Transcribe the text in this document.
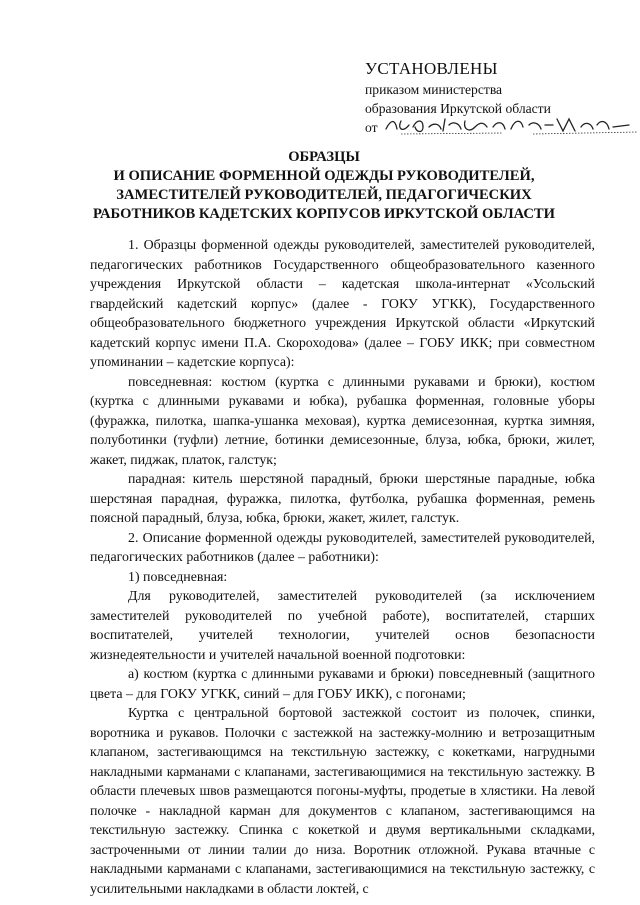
УСТАНОВЛЕНЫ
приказом министерства
образования Иркутской области
от
ОБРАЗЦЫ
И ОПИСАНИЕ ФОРМЕННОЙ ОДЕЖДЫ РУКОВОДИТЕЛЕЙ,
ЗАМЕСТИТЕЛЕЙ РУКОВОДИТЕЛЕЙ, ПЕДАГОГИЧЕСКИХ
РАБОТНИКОВ КАДЕТСКИХ КОРПУСОВ ИРКУТСКОЙ ОБЛАСТИ

1. Образцы форменной одежды руководителей, заместителей руководителей, педагогических работников Государственного общеобразовательного казенного учреждения Иркутской области – кадетская школа-интернат «Усольский гвардейский кадетский корпус» (далее - ГОКУ УГКК), Государственного общеобразовательного бюджетного учреждения Иркутской области «Иркутский кадетский корпус имени П.А. Скороходова» (далее – ГОБУ ИКК; при совместном упоминании – кадетские корпуса):

повседневная: костюм (куртка с длинными рукавами и брюки), костюм (куртка с длинными рукавами и юбка), рубашка форменная, головные уборы (фуражка, пилотка, шапка-ушанка меховая), куртка демисезонная, куртка зимняя, полуботинки (туфли) летние, ботинки демисезонные, блуза, юбка, брюки, жилет, жакет, пиджак, платок, галстук;

парадная: китель шерстяной парадный, брюки шерстяные парадные, юбка шерстяная парадная, фуражка, пилотка, футболка, рубашка форменная, ремень поясной парадный, блуза, юбка, брюки, жакет, жилет, галстук.

2. Описание форменной одежды руководителей, заместителей руководителей, педагогических работников (далее – работники):

1) повседневная:

Для руководителей, заместителей руководителей (за исключением заместителей руководителей по учебной работе), воспитателей, старших воспитателей, учителей технологии, учителей основ безопасности жизнедеятельности и учителей начальной военной подготовки:

а) костюм (куртка с длинными рукавами и брюки) повседневный (защитного цвета – для ГОКУ УГКК, синий – для ГОБУ ИКК), с погонами;

Куртка с центральной бортовой застежкой состоит из полочек, спинки, воротника и рукавов. Полочки с застежкой на застежку-молнию и ветрозащитным клапаном, застегивающимся на текстильную застежку, с кокетками, нагрудными накладными карманами с клапанами, застегивающимися на текстильную застежку. В области плечевых швов размещаются погоны-муфты, продетые в хлястики. На левой полочке - накладной карман для документов с клапаном, застегивающимся на текстильную застежку. Спинка с кокеткой и двумя вертикальными складками, застроченными от линии талии до низа. Воротник отложной. Рукава втачные с накладными карманами с клапанами, застегивающимися на текстильную застежку, с усилительными накладками в области локтей, с
